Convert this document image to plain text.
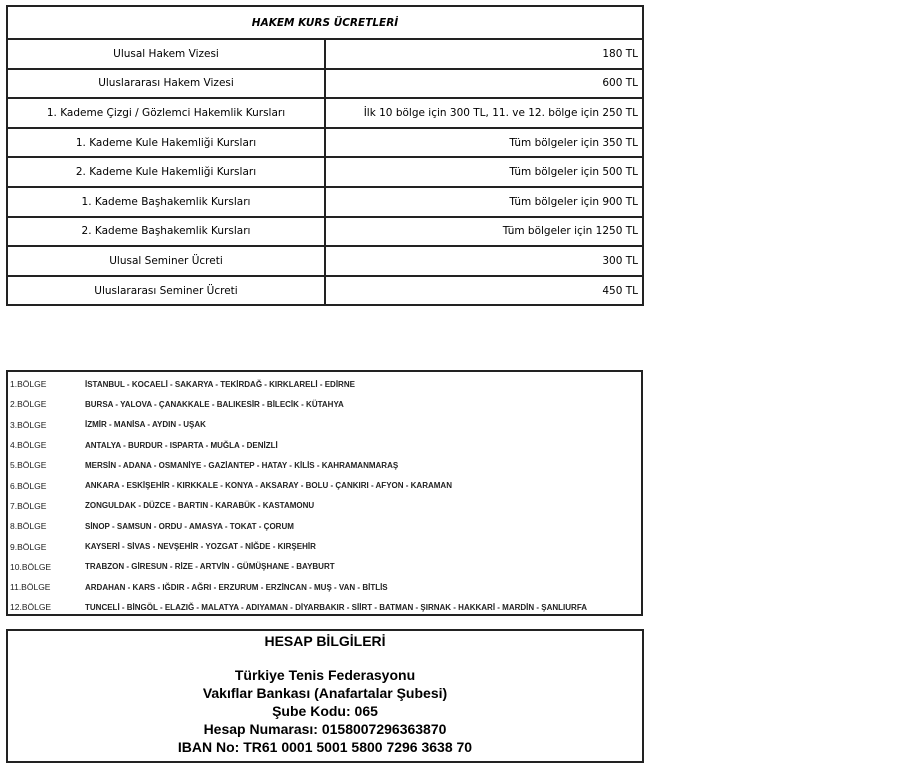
HAKEM KURS ÜCRETLERİ	
Ulusal Hakem Vizesi	180 TL
Uluslararası Hakem Vizesi	600 TL
1. Kademe Çizgi / Gözlemci Hakemlik Kursları	İlk 10 bölge için 300 TL, 11. ve 12. bölge için 250 TL
1. Kademe Kule Hakemliği Kursları	Tüm bölgeler için 350 TL
2. Kademe Kule Hakemliği Kursları	Tüm bölgeler için 500 TL
1. Kademe Başhakemlik Kursları	Tüm bölgeler için 900 TL
2. Kademe Başhakemlik Kursları	Tüm bölgeler için 1250 TL
Ulusal Seminer Ücreti	300 TL
Uluslararası Seminer Ücreti	450 TL
1.BÖLGE	İSTANBUL - KOCAELİ - SAKARYA - TEKİRDAĞ - KIRKLARELİ - EDİRNE
2.BÖLGE	BURSA - YALOVA - ÇANAKKALE - BALIKESİR - BİLECİK - KÜTAHYA
3.BÖLGE	İZMİR - MANİSA - AYDIN - UŞAK
4.BÖLGE	ANTALYA - BURDUR - ISPARTA - MUĞLA - DENİZLİ
5.BÖLGE	MERSİN - ADANA - OSMANİYE - GAZİANTEP - HATAY - KİLİS - KAHRAMANMARAŞ
6.BÖLGE	ANKARA - ESKİŞEHİR - KIRKKALE - KONYA - AKSARAY - BOLU - ÇANKIRI - AFYON - KARAMAN
7.BÖLGE	ZONGULDAK - DÜZCE - BARTIN - KARABÜK - KASTAMONU
8.BÖLGE	SİNOP - SAMSUN - ORDU - AMASYA - TOKAT - ÇORUM
9.BÖLGE	KAYSERİ - SİVAS - NEVŞEHİR - YOZGAT - NİĞDE - KIRŞEHİR
10.BÖLGE	TRABZON - GİRESUN - RİZE - ARTVİN - GÜMÜŞHANE - BAYBURT
11.BÖLGE	ARDAHAN - KARS - IĞDIR - AĞRI - ERZURUM - ERZİNCAN - MUŞ - VAN - BİTLİS
12.BÖLGE	TUNCELİ - BİNGÖL - ELAZIĞ - MALATYA - ADIYAMAN - DİYARBAKIR - SİİRT - BATMAN - ŞIRNAK - HAKKARİ - MARDİN - ŞANLIURFA
HESAP BİLGİLERİ
Türkiye Tenis Federasyonu
Vakıflar Bankası (Anafartalar Şubesi)
Şube Kodu: 065
Hesap Numarası: 0158007296363870
IBAN No: TR61 0001 5001 5800 7296 3638 70
